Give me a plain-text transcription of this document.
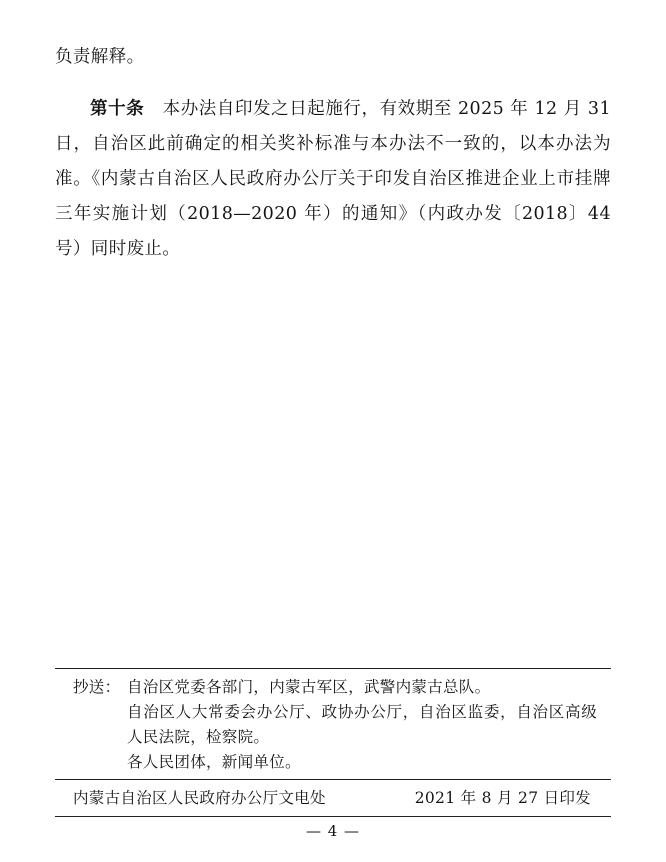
负责解释。

第十条 本办法自印发之日起施行，有效期至 2025 年 12 月 31 日，自治区此前确定的相关奖补标准与本办法不一致的，以本办法为准。《内蒙古自治区人民政府办公厅关于印发自治区推进企业上市挂牌三年实施计划（2018—2020 年）的通知》（内政办发〔2018〕44 号）同时废止。

抄送： 自治区党委各部门，内蒙古军区，武警内蒙古总队。
自治区人大常委会办公厅、政协办公厅，自治区监委，自治区高级人民法院，检察院。
各人民团体，新闻单位。
内蒙古自治区人民政府办公厅文电处	2021 年 8 月 27 日印发
— 4 —
